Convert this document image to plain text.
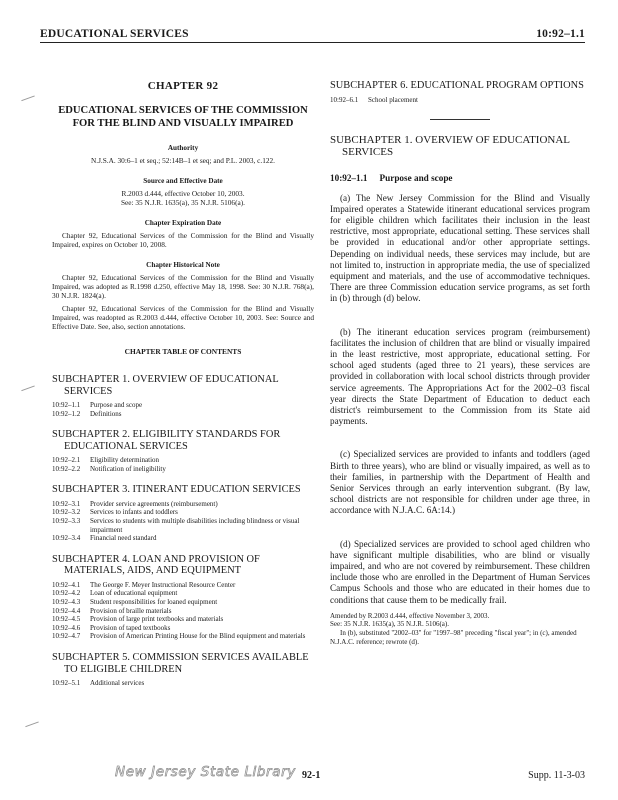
EDUCATIONAL SERVICES	10:92–1.1
CHAPTER 92
EDUCATIONAL SERVICES OF THE COMMISSION FOR THE BLIND AND VISUALLY IMPAIRED
Authority
N.J.S.A. 30:6–1 et seq.; 52:14B–1 et seq; and P.L. 2003, c.122.
Source and Effective Date
R.2003 d.444, effective October 10, 2003.
See: 35 N.J.R. 1635(a), 35 N.J.R. 5106(a).
Chapter Expiration Date
Chapter 92, Educational Services of the Commission for the Blind and Visually Impaired, expires on October 10, 2008.
Chapter Historical Note
Chapter 92, Educational Services of the Commission for the Blind and Visually Impaired, was adopted as R.1998 d.250, effective May 18, 1998. See: 30 N.J.R. 768(a), 30 N.J.R. 1824(a).
Chapter 92, Educational Services of the Commission for the Blind and Visually Impaired, was readopted as R.2003 d.444, effective October 10, 2003. See: Source and Effective Date. See, also, section annotations.
CHAPTER TABLE OF CONTENTS
SUBCHAPTER 1. OVERVIEW OF EDUCATIONAL SERVICES
10:92–1.1	Purpose and scope
10:92–1.2	Definitions
SUBCHAPTER 2. ELIGIBILITY STANDARDS FOR EDUCATIONAL SERVICES
10:92–2.1	Eligibility determination
10:92–2.2	Notification of ineligibility
SUBCHAPTER 3. ITINERANT EDUCATION SERVICES
10:92–3.1	Provider service agreements (reimbursement)
10:92–3.2	Services to infants and toddlers
10:92–3.3	Services to students with multiple disabilities including blindness or visual impairment
10:92–3.4	Financial need standard
SUBCHAPTER 4. LOAN AND PROVISION OF MATERIALS, AIDS, AND EQUIPMENT
10:92–4.1	The George F. Meyer Instructional Resource Center
10:92–4.2	Loan of educational equipment
10:92–4.3	Student responsibilities for loaned equipment
10:92–4.4	Provision of braille materials
10:92–4.5	Provision of large print textbooks and materials
10:92–4.6	Provision of taped textbooks
10:92–4.7	Provision of American Printing House for the Blind equipment and materials
SUBCHAPTER 5. COMMISSION SERVICES AVAILABLE TO ELIGIBLE CHILDREN
10:92–5.1	Additional services
SUBCHAPTER 6. EDUCATIONAL PROGRAM OPTIONS
10:92–6.1	School placement
SUBCHAPTER 1. OVERVIEW OF EDUCATIONAL SERVICES
10:92–1.1 Purpose and scope
(a) The New Jersey Commission for the Blind and Visually Impaired operates a Statewide itinerant educational services program for eligible children which facilitates their inclusion in the least restrictive, most appropriate, educational setting. These services shall be provided in educational and/or other appropriate settings. Depending on individual needs, these services may include, but are not limited to, instruction in appropriate media, the use of specialized equipment and materials, and the use of accommodative techniques. There are three Commission education service programs, as set forth in (b) through (d) below.
(b) The itinerant education services program (reimbursement) facilitates the inclusion of children that are blind or visually impaired in the least restrictive, most appropriate, educational setting. For school aged students (aged three to 21 years), these services are provided in collaboration with local school districts through provider service agreements. The Appropriations Act for the 2002–03 fiscal year directs the State Department of Education to deduct each district's reimbursement to the Commission from its State aid payments.
(c) Specialized services are provided to infants and toddlers (aged Birth to three years), who are blind or visually impaired, as well as to their families, in partnership with the Department of Health and Senior Services through an early intervention subgrant. (By law, school districts are not responsible for children under age three, in accordance with N.J.A.C. 6A:14.)
(d) Specialized services are provided to school aged children who have significant multiple disabilities, who are blind or visually impaired, and who are not covered by reimbursement. These children include those who are enrolled in the Department of Human Services Campus Schools and those who are educated in their homes due to conditions that cause them to be medically frail.
Amended by R.2003 d.444, effective November 3, 2003.
See: 35 N.J.R. 1635(a), 35 N.J.R. 5106(a).
In (b), substituted "2002–03" for "1997–98" preceding "fiscal year"; in (c), amended N.J.A.C. reference; rewrote (d).
New Jersey State Library 92-1	Supp. 11-3-03
